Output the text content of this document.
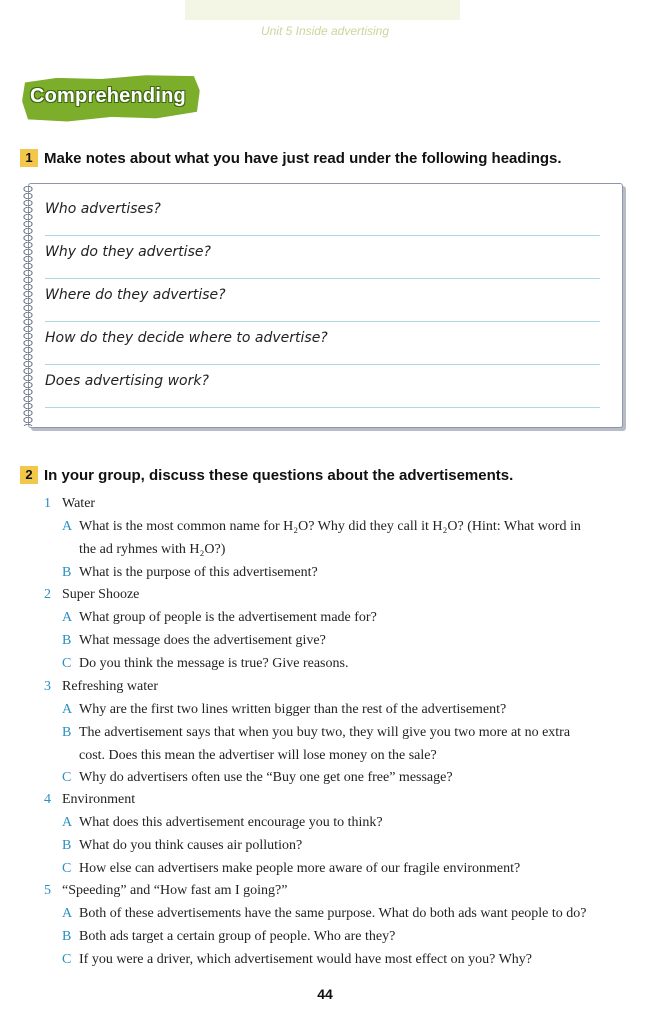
Unit 5 Inside advertising
Comprehending
1 Make notes about what you have just read under the following headings.
Who advertises?
Why do they advertise?
Where do they advertise?
How do they decide where to advertise?
Does advertising work?
2 In your group, discuss these questions about the advertisements.
1 Water
A What is the most common name for H₂O? Why did they call it H₂O? (Hint: What word in
the ad ryhmes with H₂O?)
B What is the purpose of this advertisement?
2 Super Shooze
A What group of people is the advertisement made for?
B What message does the advertisement give?
C Do you think the message is true? Give reasons.
3 Refreshing water
A Why are the first two lines written bigger than the rest of the advertisement?
B The advertisement says that when you buy two, they will give you two more at no extra
cost. Does this mean the advertiser will lose money on the sale?
C Why do advertisers often use the “Buy one get one free” message?
4 Environment
A What does this advertisement encourage you to think?
B What do you think causes air pollution?
C How else can advertisers make people more aware of our fragile environment?
5 “Speeding” and “How fast am I going?”
A Both of these advertisements have the same purpose. What do both ads want people to do?
B Both ads target a certain group of people. Who are they?
C If you were a driver, which advertisement would have most effect on you? Why?
44
